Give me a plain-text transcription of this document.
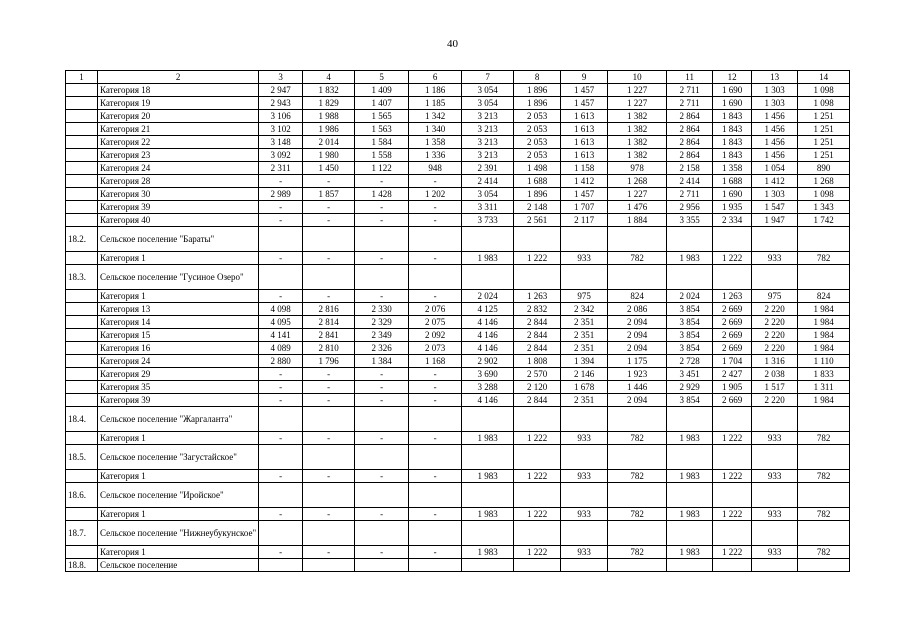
40
1	2	3	4	5	6	7	8	9	10	11	12	13	14
	Категория 18	2 947	1 832	1 409	1 186	3 054	1 896	1 457	1 227	2 711	1 690	1 303	1 098
	Категория 19	2 943	1 829	1 407	1 185	3 054	1 896	1 457	1 227	2 711	1 690	1 303	1 098
	Категория 20	3 106	1 988	1 565	1 342	3 213	2 053	1 613	1 382	2 864	1 843	1 456	1 251
	Категория 21	3 102	1 986	1 563	1 340	3 213	2 053	1 613	1 382	2 864	1 843	1 456	1 251
	Категория 22	3 148	2 014	1 584	1 358	3 213	2 053	1 613	1 382	2 864	1 843	1 456	1 251
	Категория 23	3 092	1 980	1 558	1 336	3 213	2 053	1 613	1 382	2 864	1 843	1 456	1 251
	Категория 24	2 311	1 450	1 122	948	2 391	1 498	1 158	978	2 158	1 358	1 054	890
	Категория 28	-	-	-	-	2 414	1 688	1 412	1 268	2 414	1 688	1 412	1 268
	Категория 30	2 989	1 857	1 428	1 202	3 054	1 896	1 457	1 227	2 711	1 690	1 303	1 098
	Категория 39	-	-	-	-	3 311	2 148	1 707	1 476	2 956	1 935	1 547	1 343
	Категория 40	-	-	-	-	3 733	2 561	2 117	1 884	3 355	2 334	1 947	1 742
18.2.	Сельское поселение "Бараты"												
	Категория 1	-	-	-	-	1 983	1 222	933	782	1 983	1 222	933	782
18.3.	Сельское поселение "Гусиное Озеро"												
	Категория 1	-	-	-	-	2 024	1 263	975	824	2 024	1 263	975	824
	Категория 13	4 098	2 816	2 330	2 076	4 125	2 832	2 342	2 086	3 854	2 669	2 220	1 984
	Категория 14	4 095	2 814	2 329	2 075	4 146	2 844	2 351	2 094	3 854	2 669	2 220	1 984
	Категория 15	4 141	2 841	2 349	2 092	4 146	2 844	2 351	2 094	3 854	2 669	2 220	1 984
	Категория 16	4 089	2 810	2 326	2 073	4 146	2 844	2 351	2 094	3 854	2 669	2 220	1 984
	Категория 24	2 880	1 796	1 384	1 168	2 902	1 808	1 394	1 175	2 728	1 704	1 316	1 110
	Категория 29	-	-	-	-	3 690	2 570	2 146	1 923	3 451	2 427	2 038	1 833
	Категория 35	-	-	-	-	3 288	2 120	1 678	1 446	2 929	1 905	1 517	1 311
	Категория 39	-	-	-	-	4 146	2 844	2 351	2 094	3 854	2 669	2 220	1 984
18.4.	Сельское поселение "Жаргаланта"												
	Категория 1	-	-	-	-	1 983	1 222	933	782	1 983	1 222	933	782
18.5.	Сельское поселение "Загустайское"												
	Категория 1	-	-	-	-	1 983	1 222	933	782	1 983	1 222	933	782
18.6.	Сельское поселение "Иройское"												
	Категория 1	-	-	-	-	1 983	1 222	933	782	1 983	1 222	933	782
18.7.	Сельское поселение "Нижнеубукунское"												
	Категория 1	-	-	-	-	1 983	1 222	933	782	1 983	1 222	933	782
18.8.	Сельское поселение												
